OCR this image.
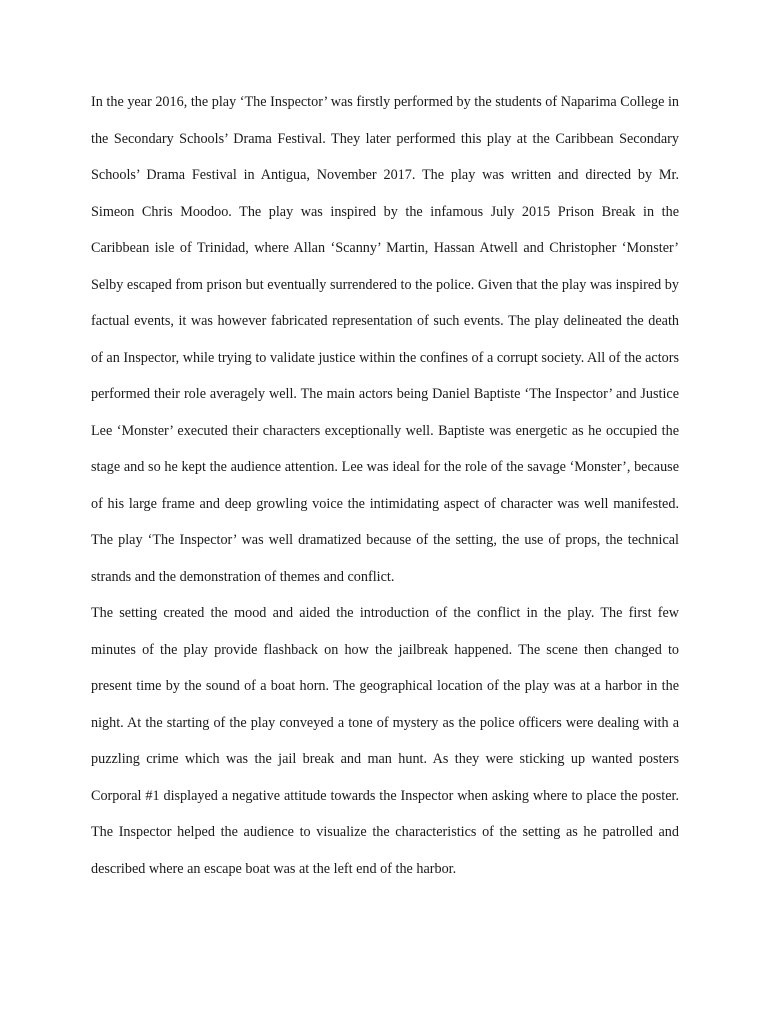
In the year 2016, the play ‘The Inspector’ was firstly performed by the students of Naparima College in the Secondary Schools’ Drama Festival. They later performed this play at the Caribbean Secondary Schools’ Drama Festival in Antigua, November 2017. The play was written and directed by Mr. Simeon Chris Moodoo. The play was inspired by the infamous July 2015 Prison Break in the Caribbean isle of Trinidad, where Allan ‘Scanny’ Martin, Hassan Atwell and Christopher ‘Monster’ Selby escaped from prison but eventually surrendered to the police. Given that the play was inspired by factual events, it was however fabricated representation of such events. The play delineated the death of an Inspector, while trying to validate justice within the confines of a corrupt society. All of the actors performed their role averagely well. The main actors being Daniel Baptiste ‘The Inspector’ and Justice Lee ‘Monster’ executed their characters exceptionally well. Baptiste was energetic as he occupied the stage and so he kept the audience attention. Lee was ideal for the role of the savage ‘Monster’, because of his large frame and deep growling voice the intimidating aspect of character was well manifested. The play ‘The Inspector’ was well dramatized because of the setting, the use of props, the technical strands and the demonstration of themes and conflict.

The setting created the mood and aided the introduction of the conflict in the play. The first few minutes of the play provide flashback on how the jailbreak happened. The scene then changed to present time by the sound of a boat horn. The geographical location of the play was at a harbor in the night. At the starting of the play conveyed a tone of mystery as the police officers were dealing with a puzzling crime which was the jail break and man hunt. As they were sticking up wanted posters Corporal #1 displayed a negative attitude towards the Inspector when asking where to place the poster. The Inspector helped the audience to visualize the characteristics of the setting as he patrolled and described where an escape boat was at the left end of the harbor.
